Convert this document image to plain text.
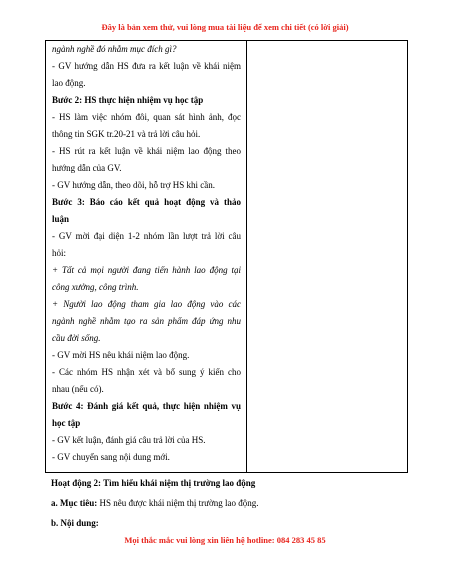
Đây là bản xem thử, vui lòng mua tài liệu để xem chi tiết (có lời giải)

ngành nghề đó nhằm mục đích gì?

- GV hướng dẫn HS đưa ra kết luận về khái niệm

lao động.

Bước 2: HS thực hiện nhiệm vụ học tập

- HS làm việc nhóm đôi, quan sát hình ảnh, đọc

thông tin SGK tr.20-21 và trả lời câu hỏi.

- HS rút ra kết luận về khái niệm lao động theo

hướng dẫn của GV.

- GV hướng dẫn, theo dõi, hỗ trợ HS khi cần.

Bước 3: Báo cáo kết quả hoạt động và thảo

luận

- GV mời đại diện 1-2 nhóm lần lượt trả lời câu

hỏi:

+ Tất cả mọi người đang tiến hành lao động tại

công xưởng, công trình.

+ Người lao động tham gia lao động vào các

ngành nghề nhằm tạo ra sản phẩm đáp ứng nhu

cầu đời sống.

- GV mời HS nêu khái niệm lao động.

- Các nhóm HS nhận xét và bổ sung ý kiến cho

nhau (nếu có).

Bước 4: Đánh giá kết quả, thực hiện nhiệm vụ

học tập

- GV kết luận, đánh giá câu trả lời của HS.

- GV chuyển sang nội dung mới.

Hoạt động 2: Tìm hiểu khái niệm thị trường lao động

a. Mục tiêu: HS nêu được khái niệm thị trường lao động.

b. Nội dung:

Mọi thắc mắc vui lòng xin liên hệ hotline: 084 283 45 85
